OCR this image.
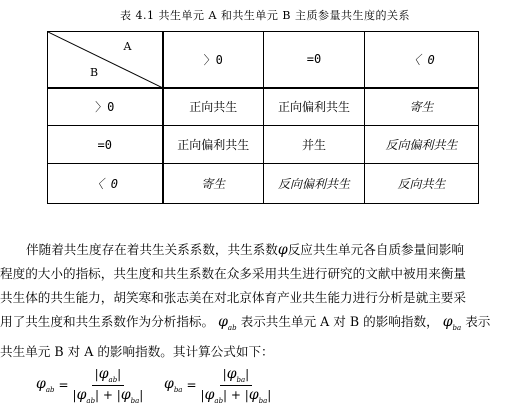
表 4.1 共生单元 A 和共生单元 B 主质参量共生度的关系
A
B	〉0	=0	〈 0
〉0	正向共生	正向偏利共生	寄生
=0	正向偏利共生	并生	反向偏利共生
〈 0	寄生	反向偏利共生	反向共生

伴随着共生度存在着共生关系系数，共生系数φ反应共生单元各自质参量间影响

程度的大小的指标，共生度和共生系数在众多采用共生进行研究的文献中被用来衡量

共生体的共生能力，胡笑寒和张志美在对北京体育产业共生能力进行分析是就主要采

用了共生度和共生系数作为分析指标。 $\varphi_{ab}$ 表示共生单元 A 对 B 的影响指数， $\varphi_{ba}$ 表示

共生单元 B 对 A 的影响指数。其计算公式如下：

$\varphi_{ab} = \frac{|\varphi_{ab}|}{|\varphi_{ab}| + |\varphi_{ba}|} \varphi_{ba} = \frac{|\varphi_{ba}|}{|\varphi_{ab}| + |\varphi_{ba}|}$
